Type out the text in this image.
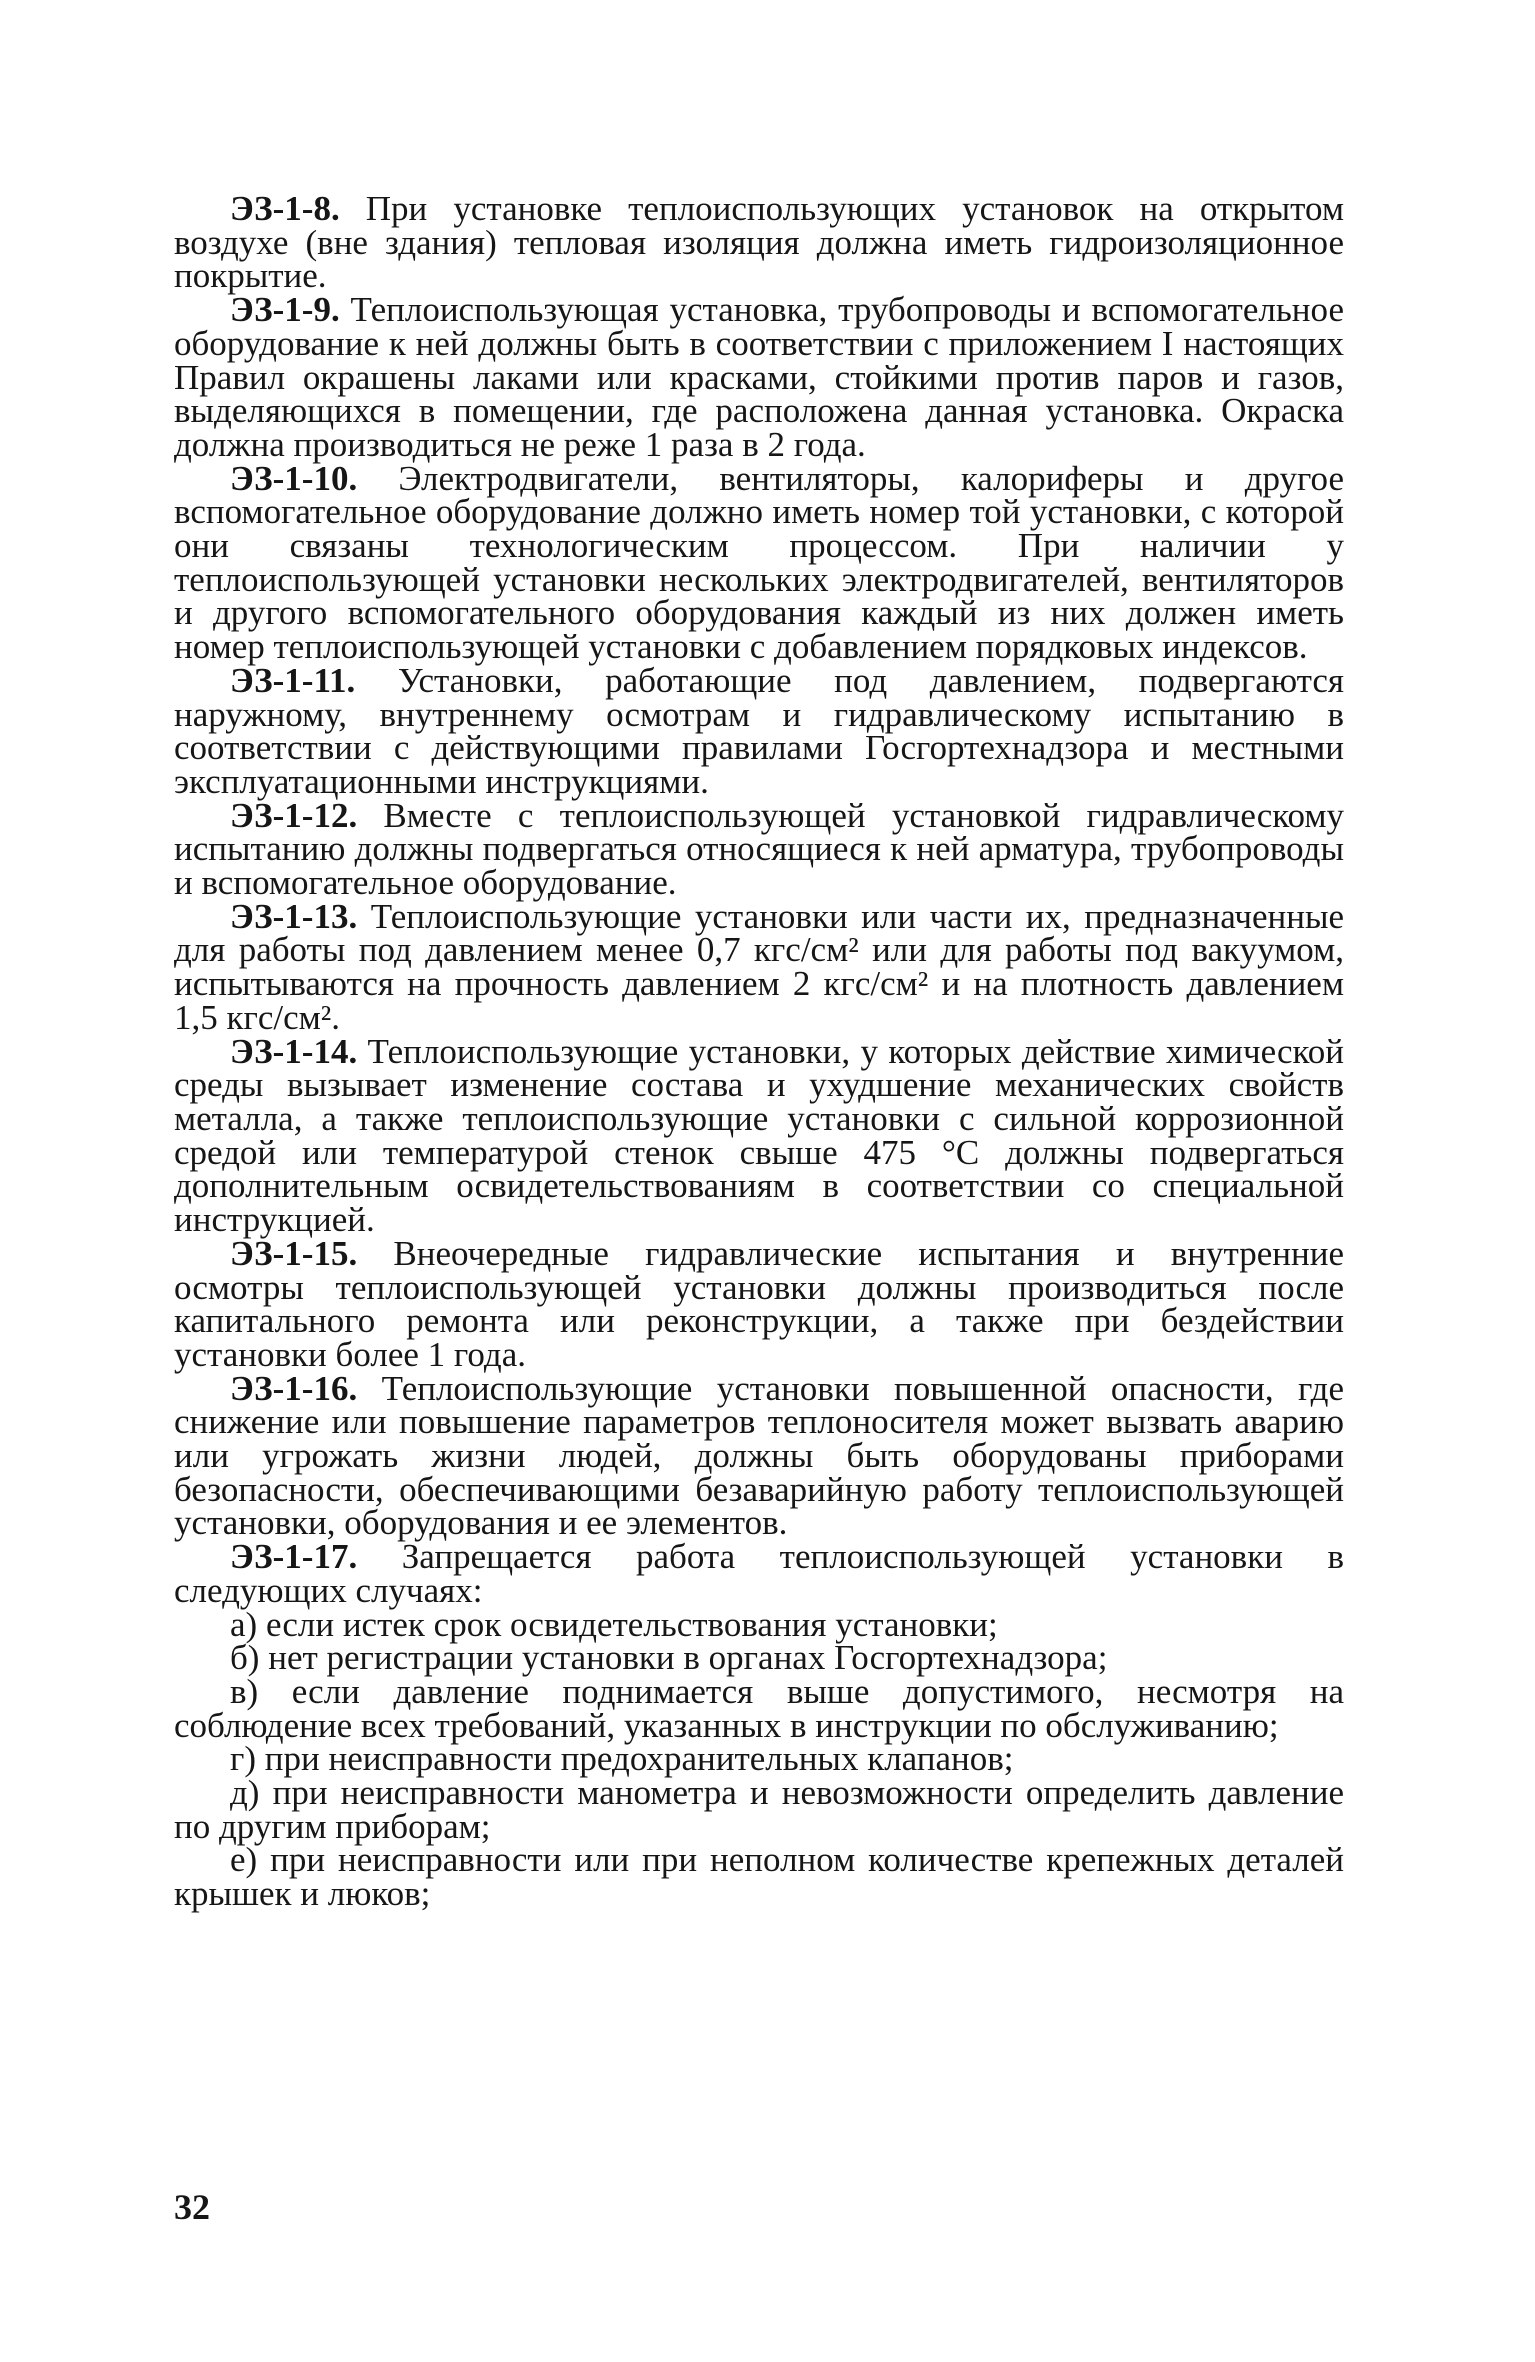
ЭЗ-1-8. При установке теплоиспользующих установок на открытом воздухе (вне здания) тепловая изоляция должна иметь гидроизоляционное покрытие.

ЭЗ-1-9. Теплоиспользующая установка, трубопроводы и вспомогательное оборудование к ней должны быть в соответствии с приложением I настоящих Правил окрашены лаками или красками, стойкими против паров и газов, выделяющихся в помещении, где расположена данная установка. Окраска должна производиться не реже 1 раза в 2 года.

ЭЗ-1-10. Электродвигатели, вентиляторы, калориферы и другое вспомогательное оборудование должно иметь номер той установки, с которой они связаны технологическим процессом. При наличии у теплоиспользующей установки нескольких электродвигателей, вентиляторов и другого вспомогательного оборудования каждый из них должен иметь номер теплоиспользующей установки с добавлением порядковых индексов.

ЭЗ-1-11. Установки, работающие под давлением, подвергаются наружному, внутреннему осмотрам и гидравлическому испытанию в соответствии с действующими правилами Госгортехнадзора и местными эксплуатационными инструкциями.

ЭЗ-1-12. Вместе с теплоиспользующей установкой гидравлическому испытанию должны подвергаться относящиеся к ней арматура, трубопроводы и вспомогательное оборудование.

ЭЗ-1-13. Теплоиспользующие установки или части их, предназначенные для работы под давлением менее 0,7 кгс/см² или для работы под вакуумом, испытываются на прочность давлением 2 кгс/см² и на плотность давлением 1,5 кгс/см².

ЭЗ-1-14. Теплоиспользующие установки, у которых действие химической среды вызывает изменение состава и ухудшение механических свойств металла, а также теплоиспользующие установки с сильной коррозионной средой или температурой стенок свыше 475 °С должны подвергаться дополнительным освидетельствованиям в соответствии со специальной инструкцией.

ЭЗ-1-15. Внеочередные гидравлические испытания и внутренние осмотры теплоиспользующей установки должны производиться после капитального ремонта или реконструкции, а также при бездействии установки более 1 года.

ЭЗ-1-16. Теплоиспользующие установки повышенной опасности, где снижение или повышение параметров теплоносителя может вызвать аварию или угрожать жизни людей, должны быть оборудованы приборами безопасности, обеспечивающими безаварийную работу теплоиспользующей установки, оборудования и ее элементов.

ЭЗ-1-17. Запрещается работа теплоиспользующей установки в следующих случаях:

а) если истек срок освидетельствования установки;

б) нет регистрации установки в органах Госгортехнадзора;

в) если давление поднимается выше допустимого, несмотря на соблюдение всех требований, указанных в инструкции по обслуживанию;

г) при неисправности предохранительных клапанов;

д) при неисправности манометра и невозможности определить давление по другим приборам;

е) при неисправности или при неполном количестве крепежных деталей крышек и люков;

32
